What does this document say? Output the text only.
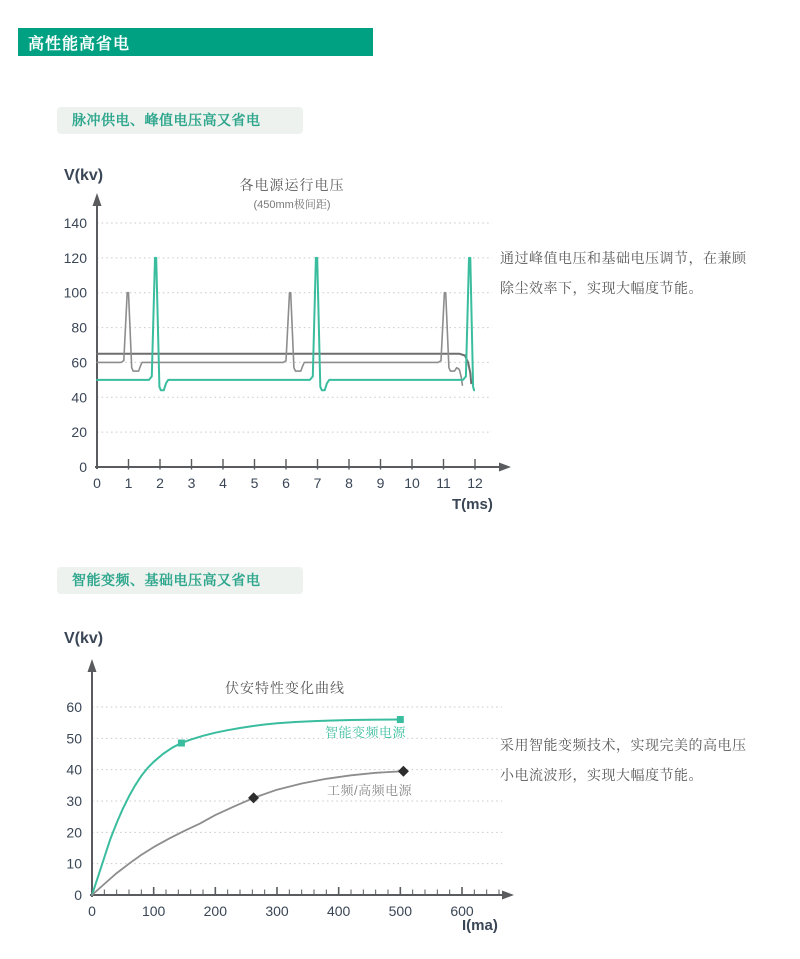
高性能高省电
脉冲供电、峰值电压高又省电
V(kv)
各电源运行电压
(450mm极间距)
0 1 2 3 4 5 6 7 8 9 10 11 12
0
20
40
60
80
100
120
140
T(ms)
通过峰值电压和基础电压调节，在兼顾
除尘效率下，实现大幅度节能。
智能变频、基础电压高又省电
V(kv)
伏安特性变化曲线
0	100	200	300	400	500	600
0
10
20
30
40
50
60
智能变频电源
工频/高频电源
I(ma)
采用智能变频技术，实现完美的高电压
小电流波形，实现大幅度节能。
